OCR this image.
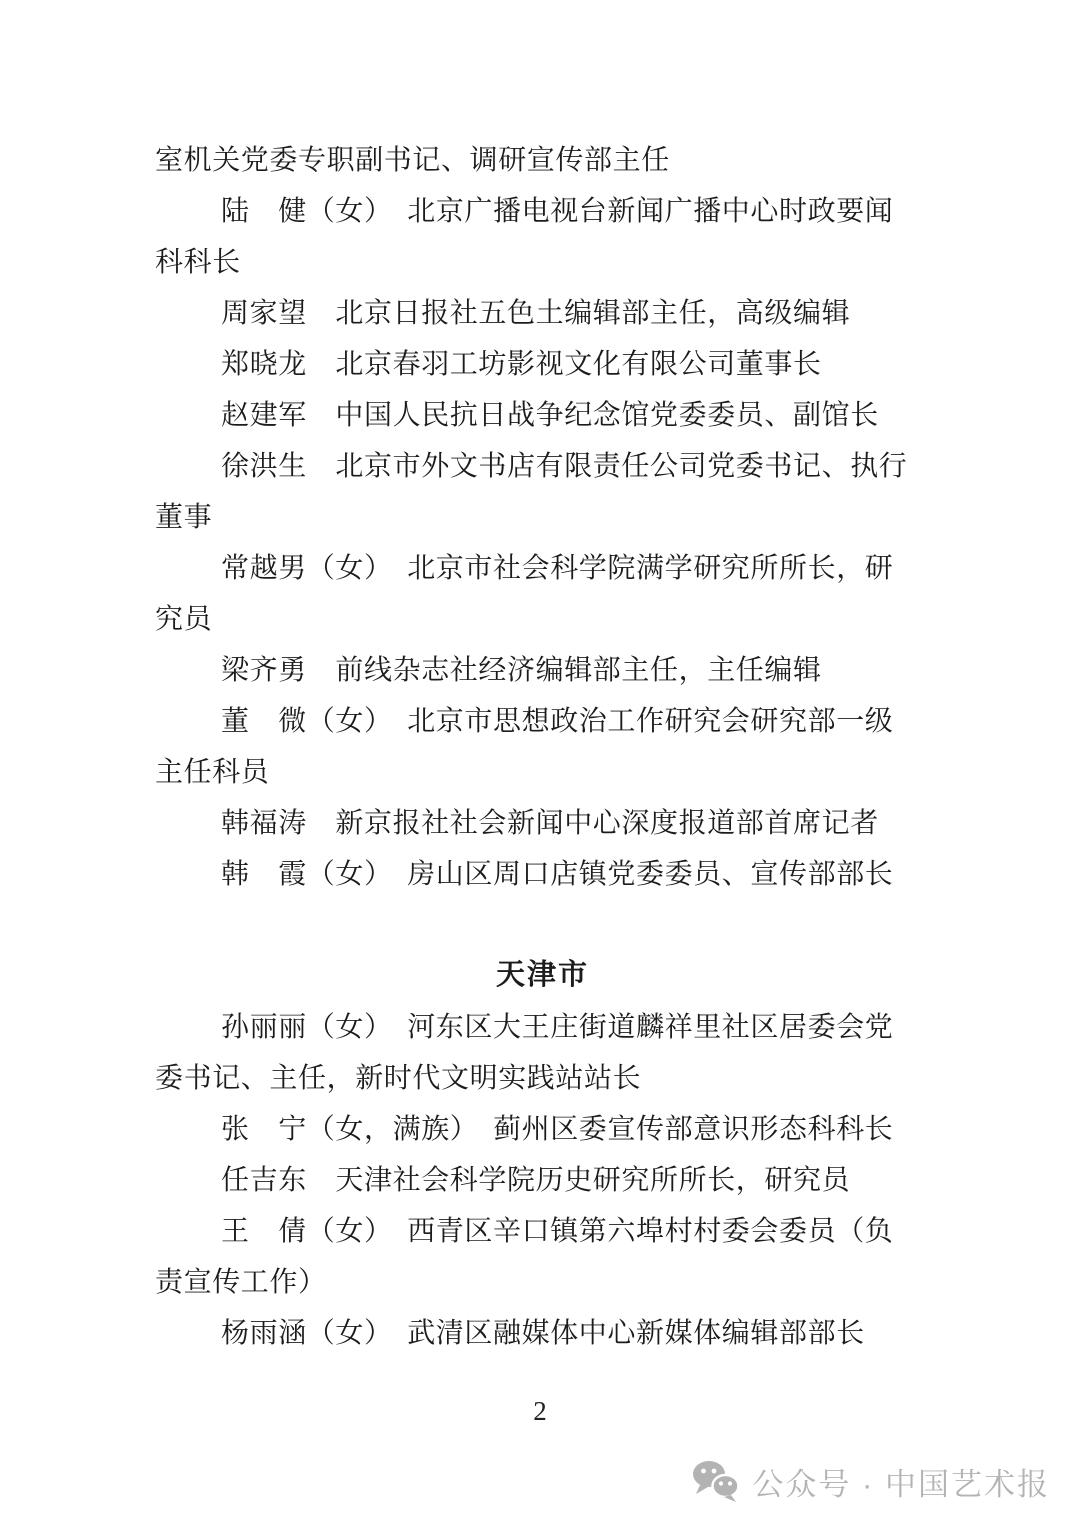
室机关党委专职副书记、调研宣传部主任
陆　健（女）　北京广播电视台新闻广播中心时政要闻
科科长
周家望　北京日报社五色土编辑部主任，高级编辑
郑晓龙　北京春羽工坊影视文化有限公司董事长
赵建军　中国人民抗日战争纪念馆党委委员、副馆长
徐洪生　北京市外文书店有限责任公司党委书记、执行
董事
常越男（女）　北京市社会科学院满学研究所所长，研
究员
梁齐勇　前线杂志社经济编辑部主任，主任编辑
董　微（女）　北京市思想政治工作研究会研究部一级
主任科员
韩福涛　新京报社社会新闻中心深度报道部首席记者
韩　霞（女）　房山区周口店镇党委委员、宣传部部长
天津市
孙丽丽（女）　河东区大王庄街道麟祥里社区居委会党
委书记、主任，新时代文明实践站站长
张　宁（女，满族）　蓟州区委宣传部意识形态科科长
任吉东　天津社会科学院历史研究所所长，研究员
王　倩（女）　西青区辛口镇第六埠村村委会委员（负
责宣传工作）
杨雨涵（女）　武清区融媒体中心新媒体编辑部部长
2
公众号 · 中国艺术报
